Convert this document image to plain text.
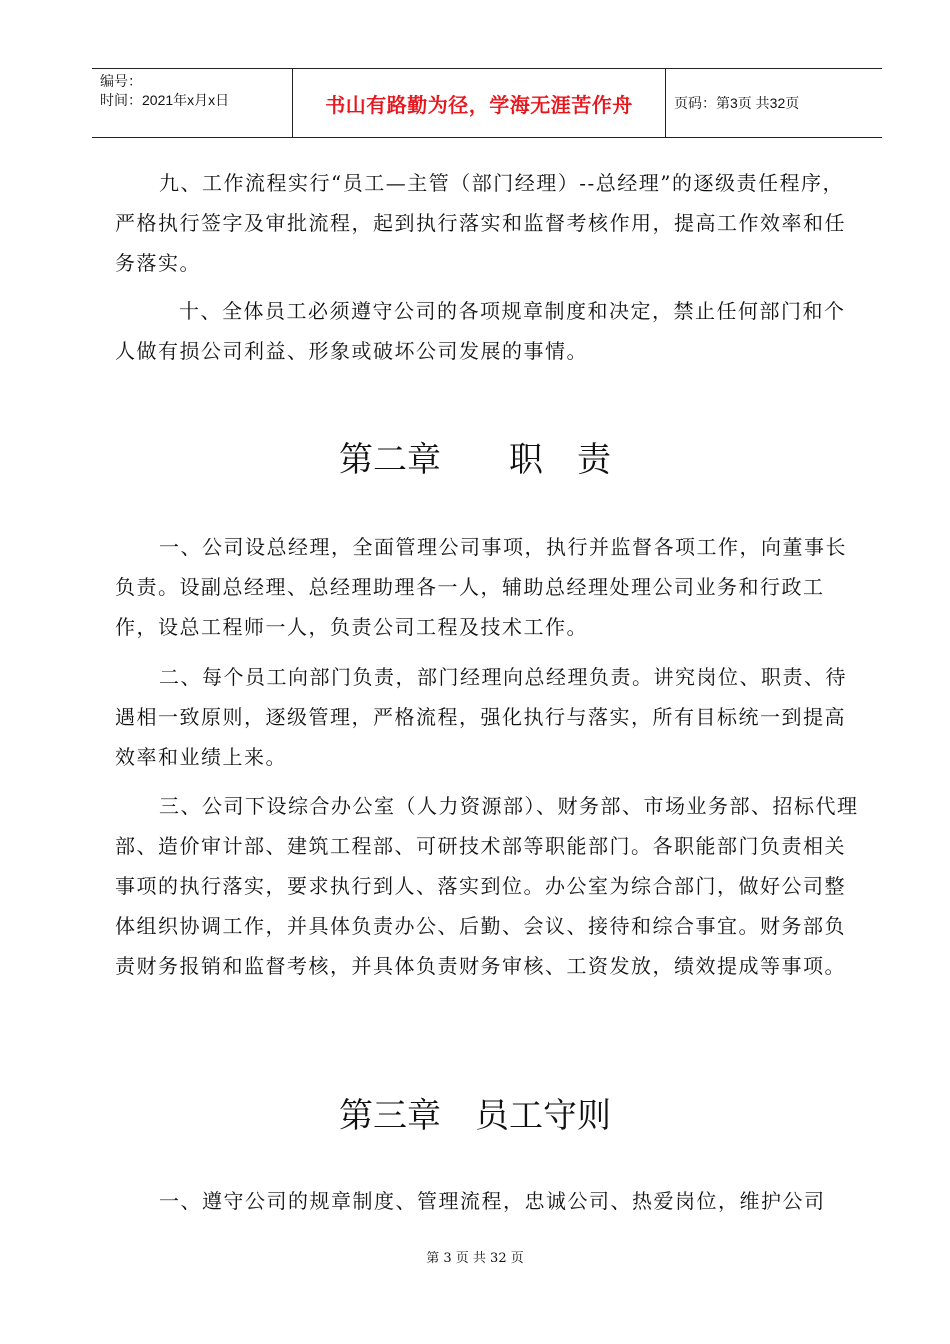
编号：
时间：2021年x月x日	书山有路勤为径，学海无涯苦作舟	页码：第3页 共32页

九、工作流程实行“员工—主管（部门经理）--总经理”的逐级责任程序，严格执行签字及审批流程，起到执行落实和监督考核作用，提高工作效率和任务落实。

十、全体员工必须遵守公司的各项规章制度和决定，禁止任何部门和个人做有损公司利益、形象或破坏公司发展的事情。

第二章　　职　责

一、公司设总经理，全面管理公司事项，执行并监督各项工作，向董事长负责。设副总经理、总经理助理各一人，辅助总经理处理公司业务和行政工作，设总工程师一人，负责公司工程及技术工作。

二、每个员工向部门负责，部门经理向总经理负责。讲究岗位、职责、待遇相一致原则，逐级管理，严格流程，强化执行与落实，所有目标统一到提高效率和业绩上来。

三、公司下设综合办公室（人力资源部）、财务部、市场业务部、招标代理部、造价审计部、建筑工程部、可研技术部等职能部门。各职能部门负责相关事项的执行落实，要求执行到人、落实到位。办公室为综合部门，做好公司整体组织协调工作，并具体负责办公、后勤、会议、接待和综合事宜。财务部负责财务报销和监督考核，并具体负责财务审核、工资发放，绩效提成等事项。

第三章　员工守则

一、遵守公司的规章制度、管理流程，忠诚公司、热爱岗位，维护公司

第 3 页 共 32 页
